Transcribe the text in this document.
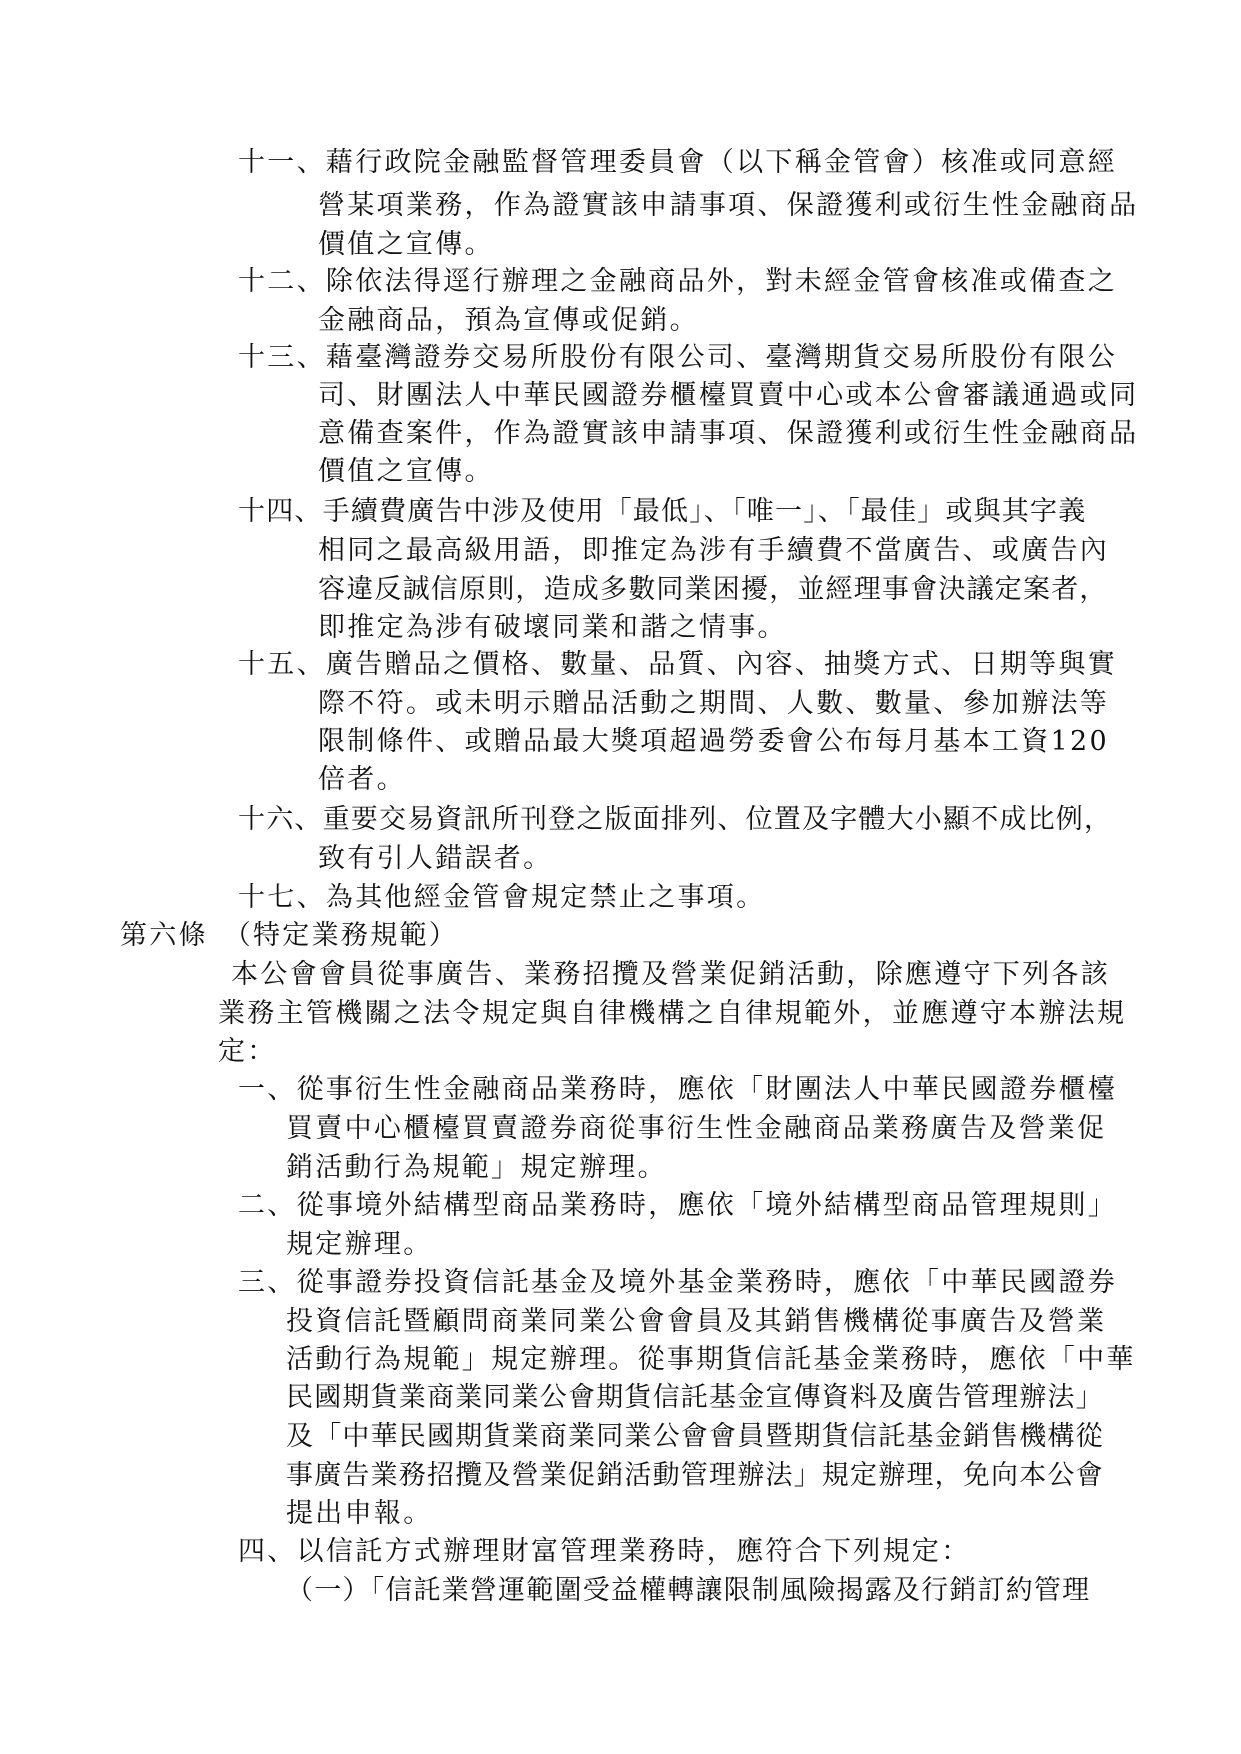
十一、藉行政院金融監督管理委員會（以下稱金管會）核准或同意經
營某項業務，作為證實該申請事項、保證獲利或衍生性金融商品
價值之宣傳。
十二、除依法得逕行辦理之金融商品外，對未經金管會核准或備查之
金融商品，預為宣傳或促銷。
十三、藉臺灣證券交易所股份有限公司、臺灣期貨交易所股份有限公
司、財團法人中華民國證券櫃檯買賣中心或本公會審議通過或同
意備查案件，作為證實該申請事項、保證獲利或衍生性金融商品
價值之宣傳。
十四、手續費廣告中涉及使用「最低」、「唯一」、「最佳」或與其字義
相同之最高級用語，即推定為涉有手續費不當廣告、或廣告內
容違反誠信原則，造成多數同業困擾，並經理事會決議定案者，
即推定為涉有破壞同業和諧之情事。
十五、廣告贈品之價格、數量、品質、內容、抽獎方式、日期等與實
際不符。或未明示贈品活動之期間、人數、數量、參加辦法等
限制條件、或贈品最大獎項超過勞委會公布每月基本工資120
倍者。
十六、重要交易資訊所刊登之版面排列、位置及字體大小顯不成比例，
致有引人錯誤者。
十七、為其他經金管會規定禁止之事項。
第六條　（特定業務規範）
本公會會員從事廣告、業務招攬及營業促銷活動，除應遵守下列各該
業務主管機關之法令規定與自律機構之自律規範外，並應遵守本辦法規
定：
一、從事衍生性金融商品業務時，應依「財團法人中華民國證券櫃檯
買賣中心櫃檯買賣證券商從事衍生性金融商品業務廣告及營業促
銷活動行為規範」規定辦理。
二、從事境外結構型商品業務時，應依「境外結構型商品管理規則」
規定辦理。
三、從事證券投資信託基金及境外基金業務時，應依「中華民國證券
投資信託暨顧問商業同業公會會員及其銷售機構從事廣告及營業
活動行為規範」規定辦理。從事期貨信託基金業務時，應依「中華
民國期貨業商業同業公會期貨信託基金宣傳資料及廣告管理辦法」
及「中華民國期貨業商業同業公會會員暨期貨信託基金銷售機構從
事廣告業務招攬及營業促銷活動管理辦法」規定辦理，免向本公會
提出申報。
四、以信託方式辦理財富管理業務時，應符合下列規定：
（一）「信託業營運範圍受益權轉讓限制風險揭露及行銷訂約管理
